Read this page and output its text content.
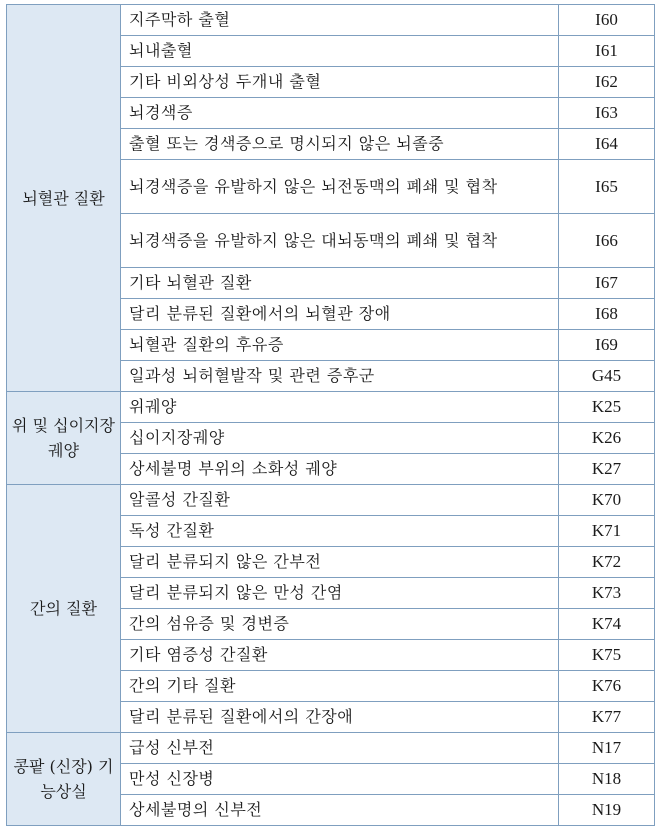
뇌혈관 질환	지주막하 출혈	I60
	뇌내출혈	I61
	기타 비외상성 두개내 출혈	I62
	뇌경색증	I63
	출혈 또는 경색증으로 명시되지 않은 뇌졸중	I64
	뇌경색증을 유발하지 않은 뇌전동맥의 폐쇄 및 협착	I65
	뇌경색증을 유발하지 않은 대뇌동맥의 폐쇄 및 협착	I66
	기타 뇌혈관 질환	I67
	달리 분류된 질환에서의 뇌혈관 장애	I68
	뇌혈관 질환의 후유증	I69
	일과성 뇌허혈발작 및 관련 증후군	G45
위 및 십이지장궤양	위궤양	K25
	십이지장궤양	K26
	상세불명 부위의 소화성 궤양	K27
간의 질환	알콜성 간질환	K70
	독성 간질환	K71
	달리 분류되지 않은 간부전	K72
	달리 분류되지 않은 만성 간염	K73
	간의 섬유증 및 경변증	K74
	기타 염증성 간질환	K75
	간의 기타 질환	K76
	달리 분류된 질환에서의 간장애	K77
콩팥 (신장) 기능상실	급성 신부전	N17
	만성 신장병	N18
	상세불명의 신부전	N19
